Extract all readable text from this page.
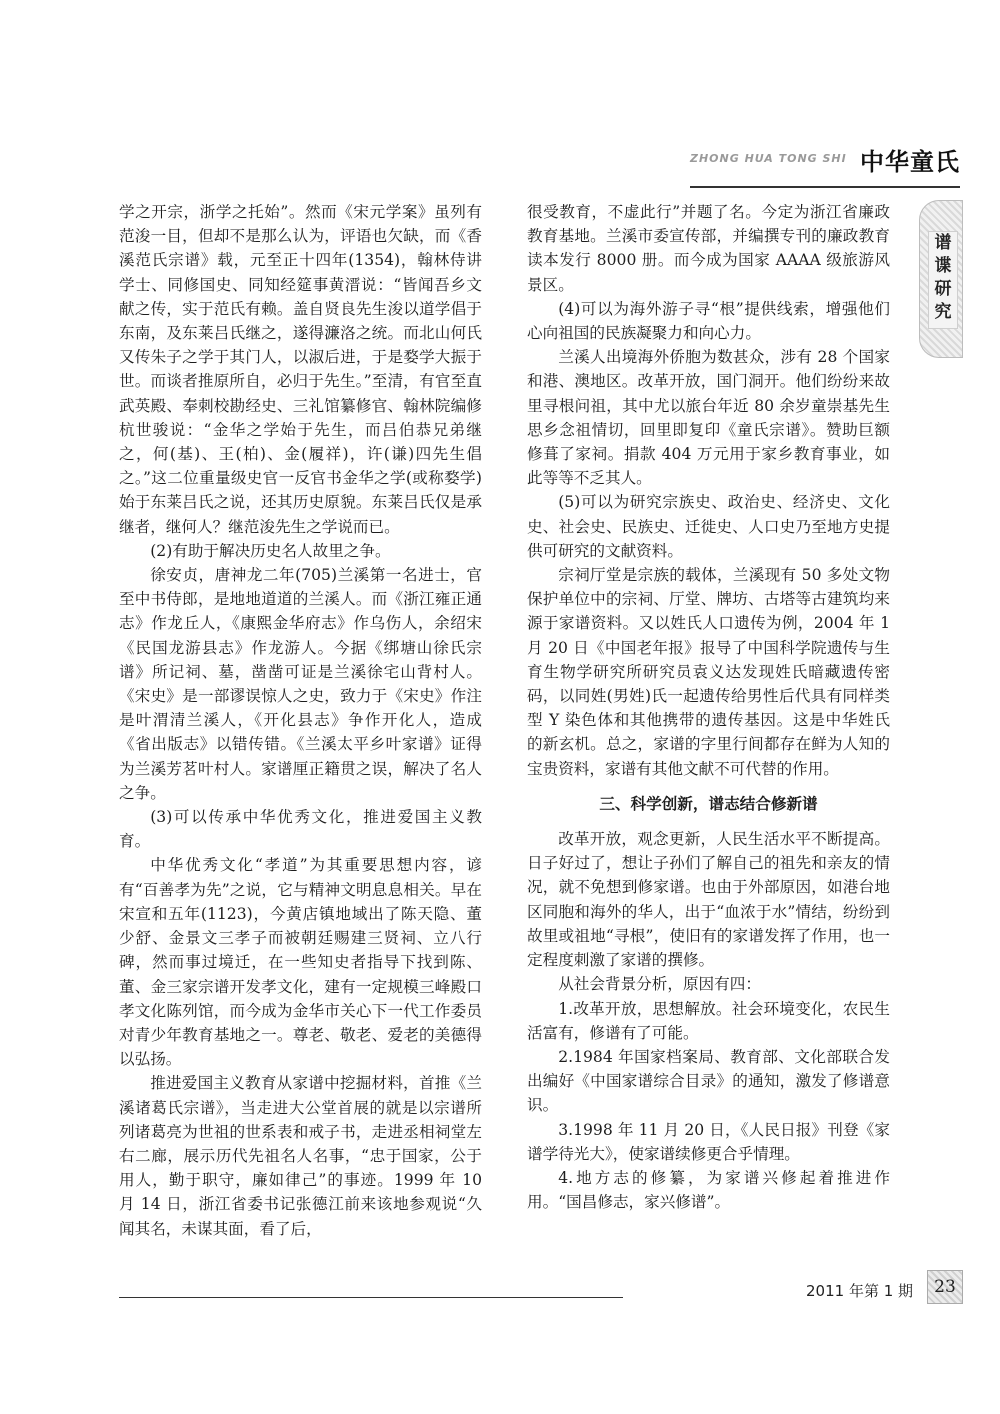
ZHONG HUA TONG SHI 中华童氏
谱
谍
研
究

学之开宗，浙学之托始”。然而《宋元学案》虽列有范浚一目，但却不是那么认为，评语也欠缺，而《香溪范氏宗谱》载，元至正十四年(1354)，翰林侍讲学士、同修国史、同知经筵事黄溍说：“皆闻吾乡文献之传，实于范氏有赖。盖自贤良先生浚以道学倡于东南，及东莱吕氏继之，遂得濂洛之统。而北山何氏又传朱子之学于其门人，以淑后进，于是婺学大振于世。而谈者推原所自，必归于先生。”至清，有官至直武英殿、奉刺校勘经史、三礼馆纂修官、翰林院编修杭世骏说：“金华之学始于先生，而吕伯恭兄弟继之，何(基)、王(柏)、金(履祥)，许(谦)四先生倡之。”这二位重量级史官一反官书金华之学(或称婺学)始于东莱吕氏之说，还其历史原貌。东莱吕氏仅是承继者，继何人？继范浚先生之学说而已。

(2)有助于解决历史名人故里之争。

徐安贞，唐神龙二年(705)兰溪第一名进士，官至中书侍郎，是地地道道的兰溪人。而《浙江雍正通志》作龙丘人，《康熙金华府志》作乌伤人，余绍宋《民国龙游县志》作龙游人。今据《绑塘山徐氏宗谱》所记祠、墓，凿凿可证是兰溪徐宅山背村人。《宋史》是一部谬误惊人之史，致力于《宋史》作注是叶渭清兰溪人，《开化县志》争作开化人，造成《省出版志》以错传错。《兰溪太平乡叶家谱》证得为兰溪芳茗叶村人。家谱厘正籍贯之误，解决了名人之争。

(3)可以传承中华优秀文化，推进爱国主义教育。

中华优秀文化“孝道”为其重要思想内容，谚有“百善孝为先”之说，它与精神文明息息相关。早在宋宣和五年(1123)，今黄店镇地域出了陈天隐、董少舒、金景文三孝子而被朝廷赐建三贤祠、立八行碑，然而事过境迁，在一些知史者指导下找到陈、董、金三家宗谱开发孝文化，建有一定规模三峰殿口孝文化陈列馆，而今成为金华市关心下一代工作委员对青少年教育基地之一。尊老、敬老、爱老的美德得以弘扬。

推进爱国主义教育从家谱中挖掘材料，首推《兰溪诸葛氏宗谱》，当走进大公堂首展的就是以宗谱所列诸葛亮为世祖的世系表和戒子书，走进丞相祠堂左右二廊，展示历代先祖名人名事，“忠于国家，公于用人，勤于职守，廉如律己”的事迹。1999 年 10 月 14 日，浙江省委书记张德江前来该地参观说“久闻其名，未谋其面，看了后，

很受教育，不虚此行”并题了名。今定为浙江省廉政教育基地。兰溪市委宣传部，并编撰专刊的廉政教育读本发行 8000 册。而今成为国家 AAAA 级旅游风景区。

(4)可以为海外游子寻“根”提供线索，增强他们心向祖国的民族凝聚力和向心力。

兰溪人出境海外侨胞为数甚众，涉有 28 个国家和港、澳地区。改革开放，国门洞开。他们纷纷来故里寻根问祖，其中尤以旅台年近 80 余岁童崇基先生思乡念祖情切，回里即复印《童氏宗谱》。赞助巨额修葺了家祠。捐款 404 万元用于家乡教育事业，如此等等不乏其人。

(5)可以为研究宗族史、政治史、经济史、文化史、社会史、民族史、迁徙史、人口史乃至地方史提供可研究的文献资料。

宗祠厅堂是宗族的载体，兰溪现有 50 多处文物保护单位中的宗祠、厅堂、牌坊、古塔等古建筑均来源于家谱资料。又以姓氏人口遗传为例，2004 年 1 月 20 日《中国老年报》报导了中国科学院遗传与生育生物学研究所研究员袁义达发现姓氏暗藏遗传密码，以同姓(男姓)氏一起遗传给男性后代具有同样类型 Y 染色体和其他携带的遗传基因。这是中华姓氏的新玄机。总之，家谱的字里行间都存在鲜为人知的宝贵资料，家谱有其他文献不可代替的作用。

三、科学创新，谱志结合修新谱

改革开放，观念更新，人民生活水平不断提高。日子好过了，想让子孙们了解自己的祖先和亲友的情况，就不免想到修家谱。也由于外部原因，如港台地区同胞和海外的华人，出于“血浓于水”情结，纷纷到故里或祖地“寻根”，使旧有的家谱发挥了作用，也一定程度刺激了家谱的撰修。

从社会背景分析，原因有四：

1.改革开放，思想解放。社会环境变化，农民生活富有，修谱有了可能。

2.1984 年国家档案局、教育部、文化部联合发出编好《中国家谱综合目录》的通知，激发了修谱意识。

3.1998 年 11 月 20 日，《人民日报》刊登《家谱学待光大》，使家谱续修更合乎情理。

4.地方志的修纂，为家谱兴修起着推进作用。“国昌修志，家兴修谱”。

2011 年第 1 期	23
